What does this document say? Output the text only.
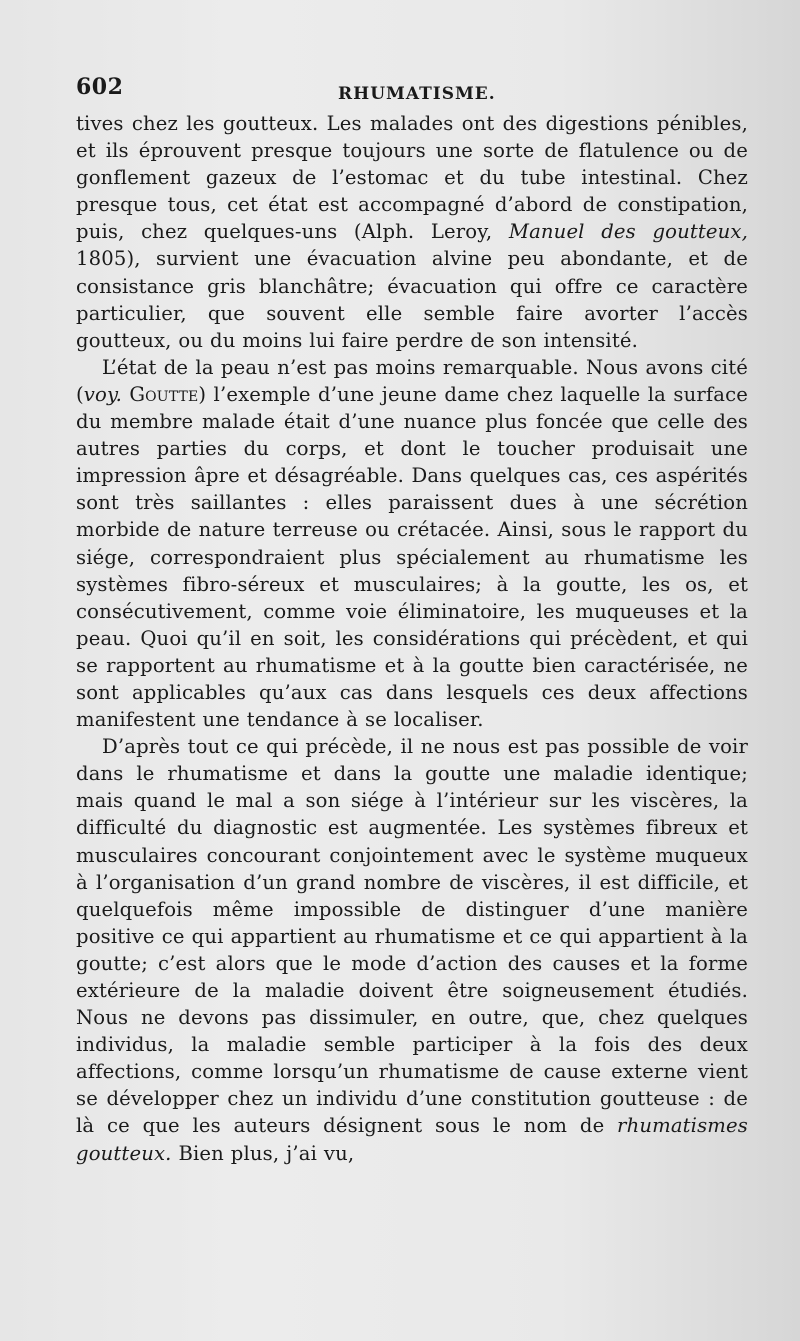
602	RHUMATISME.

tives chez les goutteux. Les malades ont des digestions pénibles, et ils éprouvent presque toujours une sorte de flatulence ou de gonflement gazeux de l’estomac et du tube intestinal. Chez presque tous, cet état est accompagné d’abord de constipation, puis, chez quelques-uns (Alph. Leroy, Manuel des goutteux, 1805), survient une évacuation alvine peu abondante, et de consistance gris blanchâtre; évacuation qui offre ce caractère particulier, que souvent elle semble faire avorter l’accès goutteux, ou du moins lui faire perdre de son intensité.

L’état de la peau n’est pas moins remarquable. Nous avons cité (voy. Goutte) l’exemple d’une jeune dame chez laquelle la surface du membre malade était d’une nuance plus foncée que celle des autres parties du corps, et dont le toucher produisait une impression âpre et désagréable. Dans quelques cas, ces aspérités sont très saillantes : elles paraissent dues à une sécrétion morbide de nature terreuse ou crétacée. Ainsi, sous le rapport du siége, correspondraient plus spécialement au rhumatisme les systèmes fibro-séreux et musculaires; à la goutte, les os, et consécutivement, comme voie éliminatoire, les muqueuses et la peau. Quoi qu’il en soit, les considérations qui précèdent, et qui se rapportent au rhumatisme et à la goutte bien caractérisée, ne sont applicables qu’aux cas dans lesquels ces deux affections manifestent une tendance à se localiser.

D’après tout ce qui précède, il ne nous est pas possible de voir dans le rhumatisme et dans la goutte une maladie identique; mais quand le mal a son siége à l’intérieur sur les viscères, la difficulté du diagnostic est augmentée. Les systèmes fibreux et musculaires concourant conjointement avec le système muqueux à l’organisation d’un grand nombre de viscères, il est difficile, et quelquefois même impossible de distinguer d’une manière positive ce qui appartient au rhumatisme et ce qui appartient à la goutte; c’est alors que le mode d’action des causes et la forme extérieure de la maladie doivent être soigneusement étudiés. Nous ne devons pas dissimuler, en outre, que, chez quelques individus, la maladie semble participer à la fois des deux affections, comme lorsqu’un rhumatisme de cause externe vient se développer chez un individu d’une constitution goutteuse : de là ce que les auteurs désignent sous le nom de rhumatismes goutteux. Bien plus, j’ai vu,
